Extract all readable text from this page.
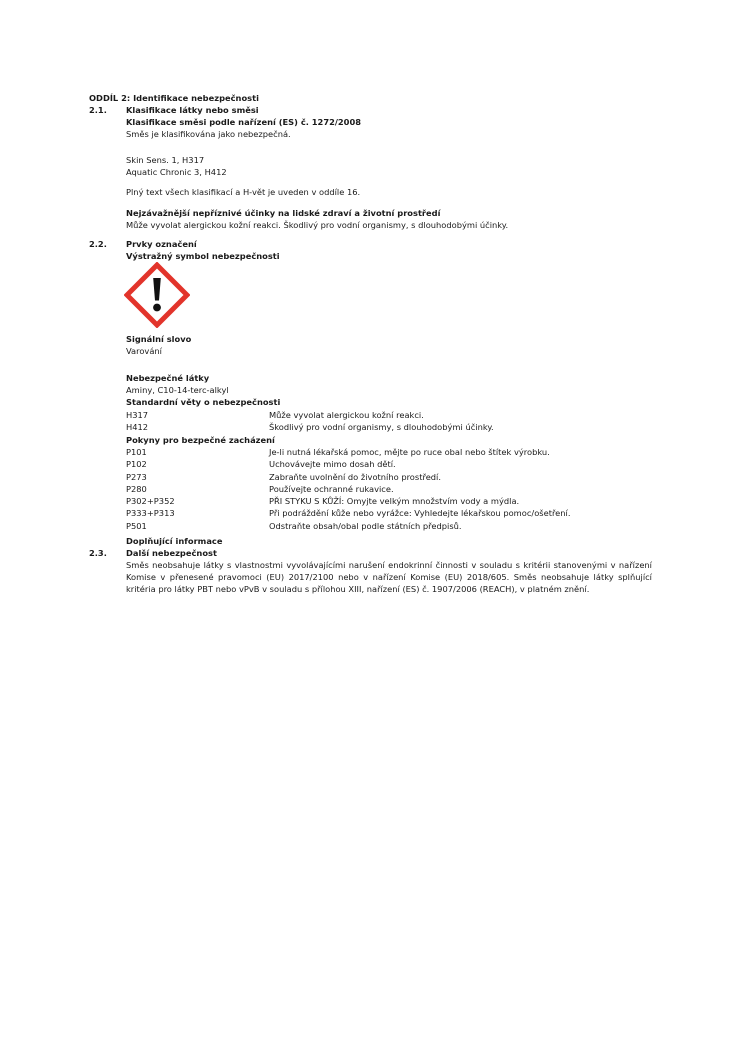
ODDÍL 2: Identifikace nebezpečnosti
2.1. Klasifikace látky nebo směsi
Klasifikace směsi podle nařízení (ES) č. 1272/2008
Směs je klasifikována jako nebezpečná.
Skin Sens. 1, H317
Aquatic Chronic 3, H412
Plný text všech klasifikací a H-vět je uveden v oddíle 16.
Nejzávažnější nepříznivé účinky na lidské zdraví a životní prostředí
Může vyvolat alergickou kožní reakci. Škodlivý pro vodní organismy, s dlouhodobými účinky.
2.2. Prvky označení
Výstražný symbol nebezpečnosti
Signální slovo
Varování
Nebezpečné látky
Aminy, C10-14-terc-alkyl
Standardní věty o nebezpečnosti
H317	Může vyvolat alergickou kožní reakci.
H412	Škodlivý pro vodní organismy, s dlouhodobými účinky.
Pokyny pro bezpečné zacházení
P101	Je-li nutná lékařská pomoc, mějte po ruce obal nebo štítek výrobku.
P102	Uchovávejte mimo dosah dětí.
P273	Zabraňte uvolnění do životního prostředí.
P280	Používejte ochranné rukavice.
P302+P352	PŘI STYKU S KŮŽÍ: Omyjte velkým množstvím vody a mýdla.
P333+P313	Při podráždění kůže nebo vyrážce: Vyhledejte lékařskou pomoc/ošetření.
P501	Odstraňte obsah/obal podle státních předpisů.
Doplňující informace
2.3. Další nebezpečnost
Směs neobsahuje látky s vlastnostmi vyvolávajícími narušení endokrinní činnosti v souladu s kritérii stanovenými v nařízení Komise v přenesené pravomoci (EU) 2017/2100 nebo v nařízení Komise (EU) 2018/605. Směs neobsahuje látky splňující kritéria pro látky PBT nebo vPvB v souladu s přílohou XIII, nařízení (ES) č. 1907/2006 (REACH), v platném znění.
